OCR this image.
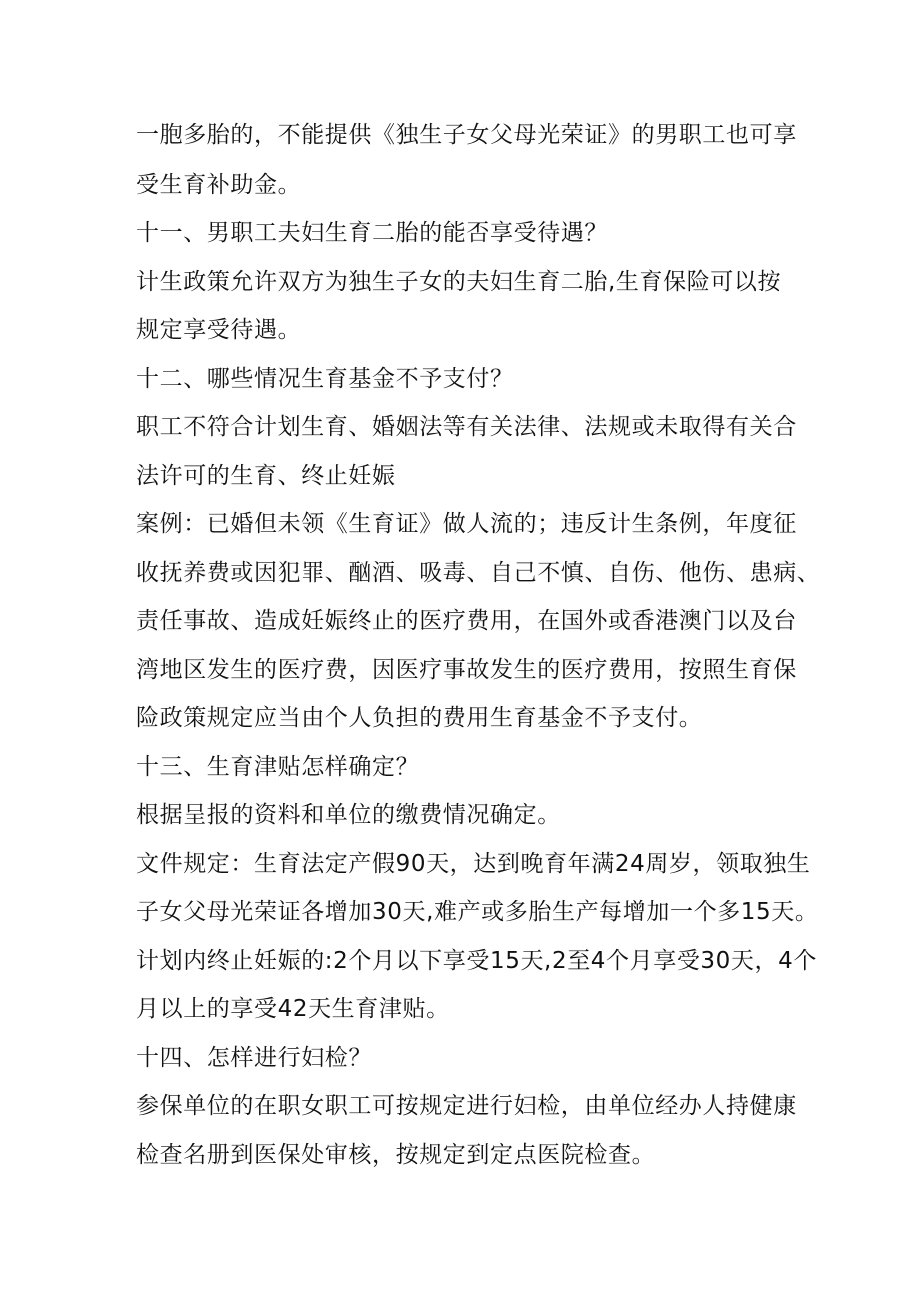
一胞多胎的，不能提供《独生子女父母光荣证》的男职工也可享
受生育补助金。
十一、男职工夫妇生育二胎的能否享受待遇？
计生政策允许双方为独生子女的夫妇生育二胎,生育保险可以按
规定享受待遇。
十二、哪些情况生育基金不予支付？
职工不符合计划生育、婚姻法等有关法律、法规或未取得有关合
法许可的生育、终止妊娠
案例：已婚但未领《生育证》做人流的；违反计生条例，年度征
收抚养费或因犯罪、酗酒、吸毒、自己不慎、自伤、他伤、患病、
责任事故、造成妊娠终止的医疗费用，在国外或香港澳门以及台
湾地区发生的医疗费，因医疗事故发生的医疗费用，按照生育保
险政策规定应当由个人负担的费用生育基金不予支付。
十三、生育津贴怎样确定？
根据呈报的资料和单位的缴费情况确定。
文件规定：生育法定产假90天，达到晚育年满24周岁，领取独生
子女父母光荣证各增加30天,难产或多胎生产每增加一个多15天。
计划内终止妊娠的:2个月以下享受15天,2至4个月享受30天，4个
月以上的享受42天生育津贴。
十四、怎样进行妇检？
参保单位的在职女职工可按规定进行妇检，由单位经办人持健康
检查名册到医保处审核，按规定到定点医院检查。
